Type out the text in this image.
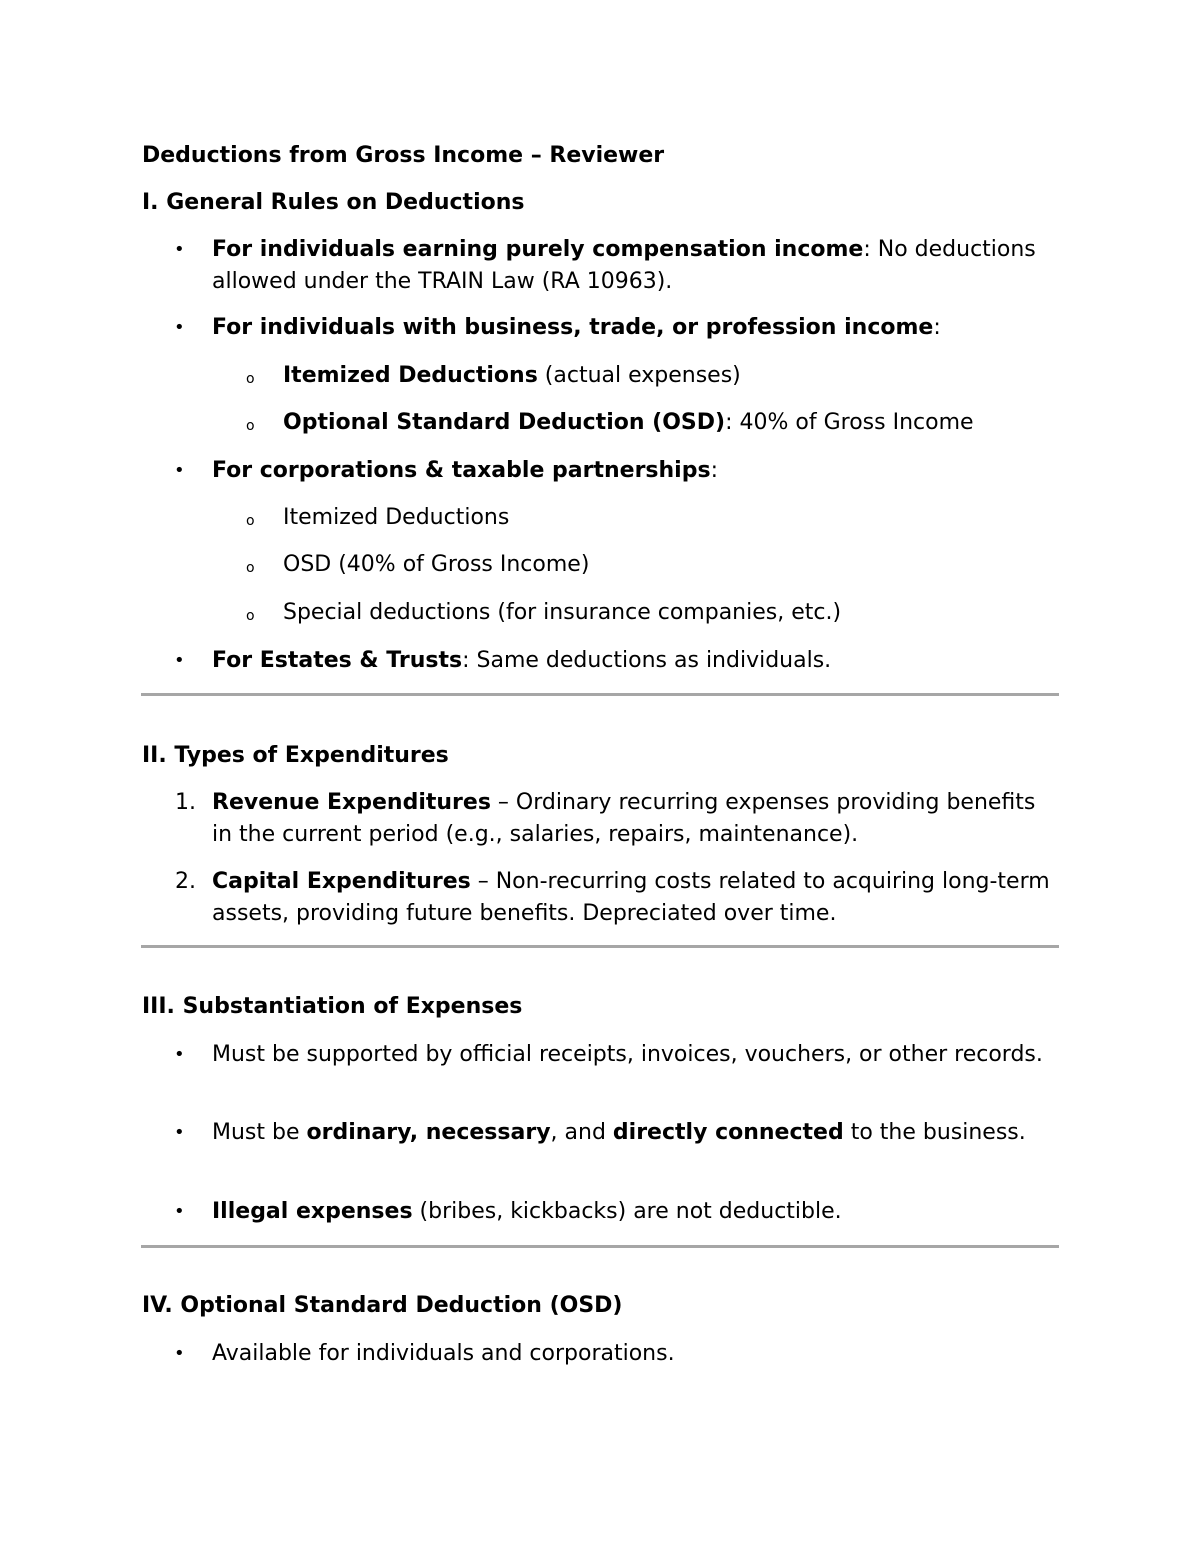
Deductions from Gross Income – Reviewer
I. General Rules on Deductions
• For individuals earning purely compensation income: No deductions allowed under the TRAIN Law (RA 10963).
• For individuals with business, trade, or profession income:
o Itemized Deductions (actual expenses)
o Optional Standard Deduction (OSD): 40% of Gross Income
• For corporations & taxable partnerships:
o Itemized Deductions
o OSD (40% of Gross Income)
o Special deductions (for insurance companies, etc.)
• For Estates & Trusts: Same deductions as individuals.
II. Types of Expenditures
1. Revenue Expenditures – Ordinary recurring expenses providing benefits in the current period (e.g., salaries, repairs, maintenance).
2. Capital Expenditures – Non-recurring costs related to acquiring long-term assets, providing future benefits. Depreciated over time.
III. Substantiation of Expenses
• Must be supported by official receipts, invoices, vouchers, or other records.
• Must be ordinary, necessary, and directly connected to the business.
• Illegal expenses (bribes, kickbacks) are not deductible.
IV. Optional Standard Deduction (OSD)
• Available for individuals and corporations.
